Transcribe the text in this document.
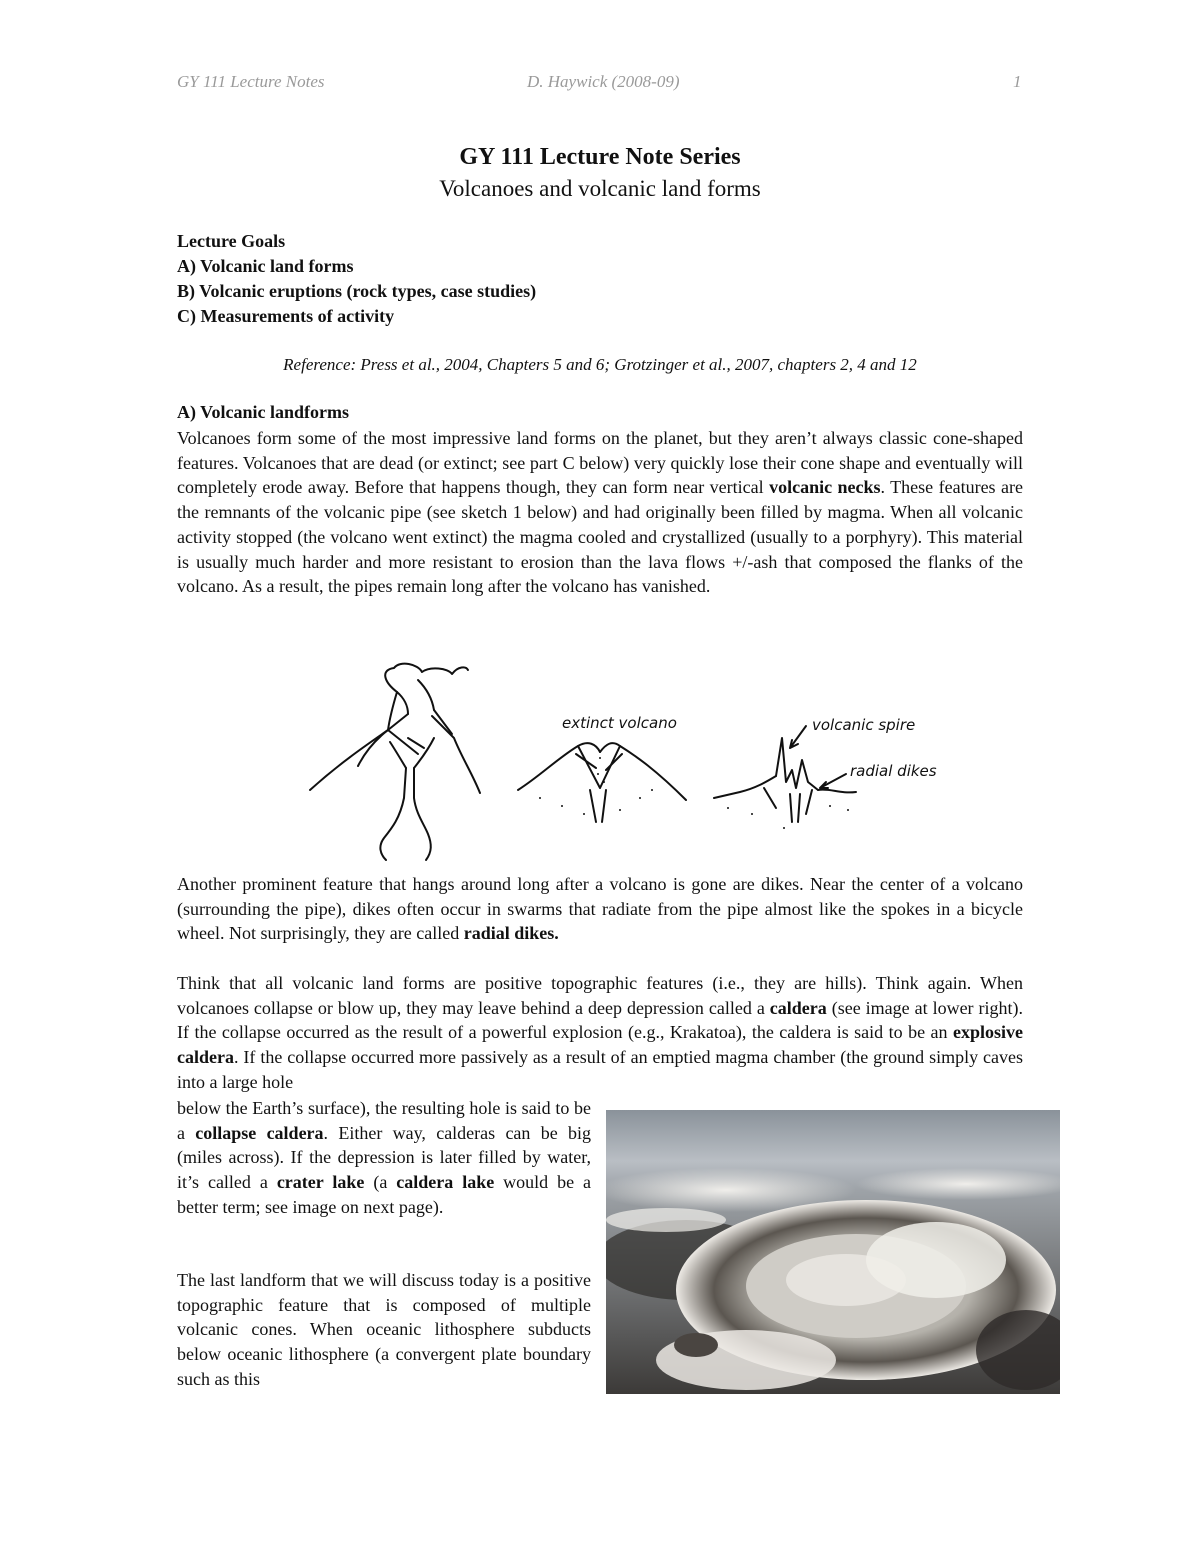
GY 111 Lecture Notes	D. Haywick (2008-09)	1
GY 111 Lecture Note Series
Volcanoes and volcanic land forms
Lecture Goals
A) Volcanic land forms
B) Volcanic eruptions (rock types, case studies)
C) Measurements of activity
Reference: Press et al., 2004, Chapters 5 and 6; Grotzinger et al., 2007, chapters 2, 4 and 12
A) Volcanic landforms
Volcanoes form some of the most impressive land forms on the planet, but they aren’t always classic cone-shaped features. Volcanoes that are dead (or extinct; see part C below) very quickly lose their cone shape and eventually will completely erode away. Before that happens though, they can form near vertical volcanic necks. These features are the remnants of the volcanic pipe (see sketch 1 below) and had originally been filled by magma. When all volcanic activity stopped (the volcano went extinct) the magma cooled and crystallized (usually to a porphyry). This material is usually much harder and more resistant to erosion than the lava flows +/-ash that composed the flanks of the volcano. As a result, the pipes remain long after the volcano has vanished.
extinct volcano	volcanic spire
radial dikes
Another prominent feature that hangs around long after a volcano is gone are dikes. Near the center of a volcano (surrounding the pipe), dikes often occur in swarms that radiate from the pipe almost like the spokes in a bicycle wheel. Not surprisingly, they are called radial dikes.
Think that all volcanic land forms are positive topographic features (i.e., they are hills). Think again. When volcanoes collapse or blow up, they may leave behind a deep depression called a caldera (see image at lower right). If the collapse occurred as the result of a powerful explosion (e.g., Krakatoa), the caldera is said to be an explosive caldera. If the collapse occurred more passively as a result of an emptied magma chamber (the ground simply caves into a large hole
below the Earth’s surface), the resulting hole is said to be a collapse caldera. Either way, calderas can be big (miles across). If the depression is later filled by water, it’s called a crater lake (a caldera lake would be a better term; see image on next page).
The last landform that we will discuss today is a positive topographic feature that is composed of multiple volcanic cones. When oceanic lithosphere subducts below oceanic lithosphere (a convergent plate boundary such as this
